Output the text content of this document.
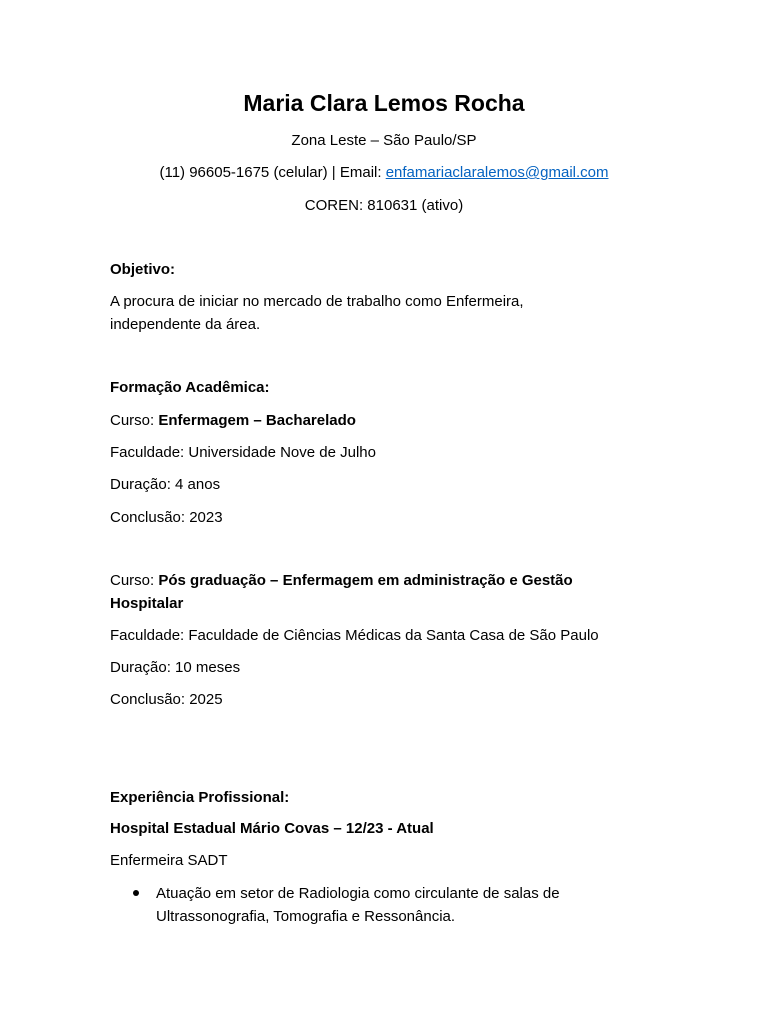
Maria Clara Lemos Rocha
Zona Leste – São Paulo/SP
(11) 96605-1675 (celular) | Email: enfamariaclaralemos@gmail.com
COREN: 810631 (ativo)
Objetivo:
A procura de iniciar no mercado de trabalho como Enfermeira,
independente da área.
Formação Acadêmica:
Curso: Enfermagem – Bacharelado
Faculdade: Universidade Nove de Julho
Duração: 4 anos
Conclusão: 2023
Curso: Pós graduação – Enfermagem em administração e Gestão
Hospitalar
Faculdade: Faculdade de Ciências Médicas da Santa Casa de São Paulo
Duração: 10 meses
Conclusão: 2025
Experiência Profissional:
Hospital Estadual Mário Covas – 12/23 - Atual
Enfermeira SADT
Atuação em setor de Radiologia como circulante de salas de
Ultrassonografia, Tomografia e Ressonância.
